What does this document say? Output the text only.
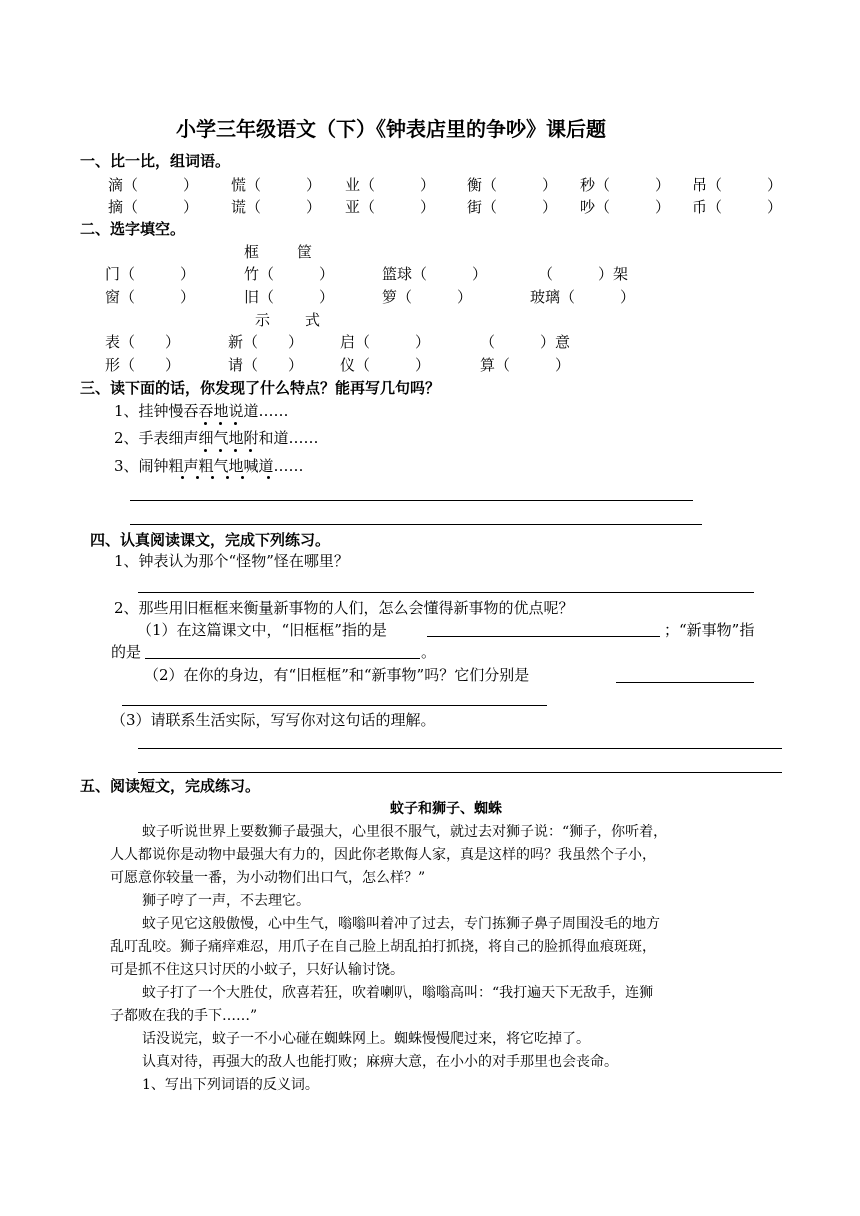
小学三年级语文（下）《钟表店里的争吵》课后题
一、比一比，组词语。
滴（　　　） 慌（　　　） 业（　　　） 衡（　　　） 秒（　　　） 吊（　　　）
摘（　　　） 谎（　　　） 亚（　　　） 街（　　　） 吵（　　　） 币（　　　）
二、选字填空。
框	筐
门（　　　）	竹（　　　）	篮球（　　　）	（　　　）架
窗（　　　）	旧（　　　）	箩（　　　）	玻璃（　　　）
示 式
表（　　）	新（　　） 启（　　　）	（　　　）意
形（　　）	请（　　） 仪（　　　）	算（　　　）
三、读下面的话，你发现了什么特点？能再写几句吗？
1、挂钟慢吞吞地说道……
2、手表细声细气地附和道……
3、闹钟粗声粗气地喊道……
四、认真阅读课文，完成下列练习。
1、钟表认为那个“怪物”怪在哪里？
2、那些用旧框框来衡量新事物的人们，怎么会懂得新事物的优点呢？
（1）在这篇课文中，“旧框框”指的是	；“新事物”指
的是	。
（2）在你的身边，有“旧框框”和“新事物”吗？它们分别是
（3）请联系生活实际，写写你对这句话的理解。
五、阅读短文，完成练习。
蚊子和狮子、蜘蛛
蚊子听说世界上要数狮子最强大，心里很不服气，就过去对狮子说：“狮子，你听着，
人人都说你是动物中最强大有力的，因此你老欺侮人家，真是这样的吗？我虽然个子小，
可愿意你较量一番，为小动物们出口气，怎么样？”
狮子哼了一声，不去理它。
蚊子见它这般傲慢，心中生气，嗡嗡叫着冲了过去，专门拣狮子鼻子周围没毛的地方
乱叮乱咬。狮子痛痒难忍，用爪子在自己脸上胡乱拍打抓挠，将自己的脸抓得血痕斑斑，
可是抓不住这只讨厌的小蚊子，只好认输讨饶。
蚊子打了一个大胜仗，欣喜若狂，吹着喇叭，嗡嗡高叫：“我打遍天下无敌手，连狮
子都败在我的手下……”
话没说完，蚊子一不小心碰在蜘蛛网上。蜘蛛慢慢爬过来，将它吃掉了。
认真对待，再强大的敌人也能打败；麻痹大意，在小小的对手那里也会丧命。
1、写出下列词语的反义词。
